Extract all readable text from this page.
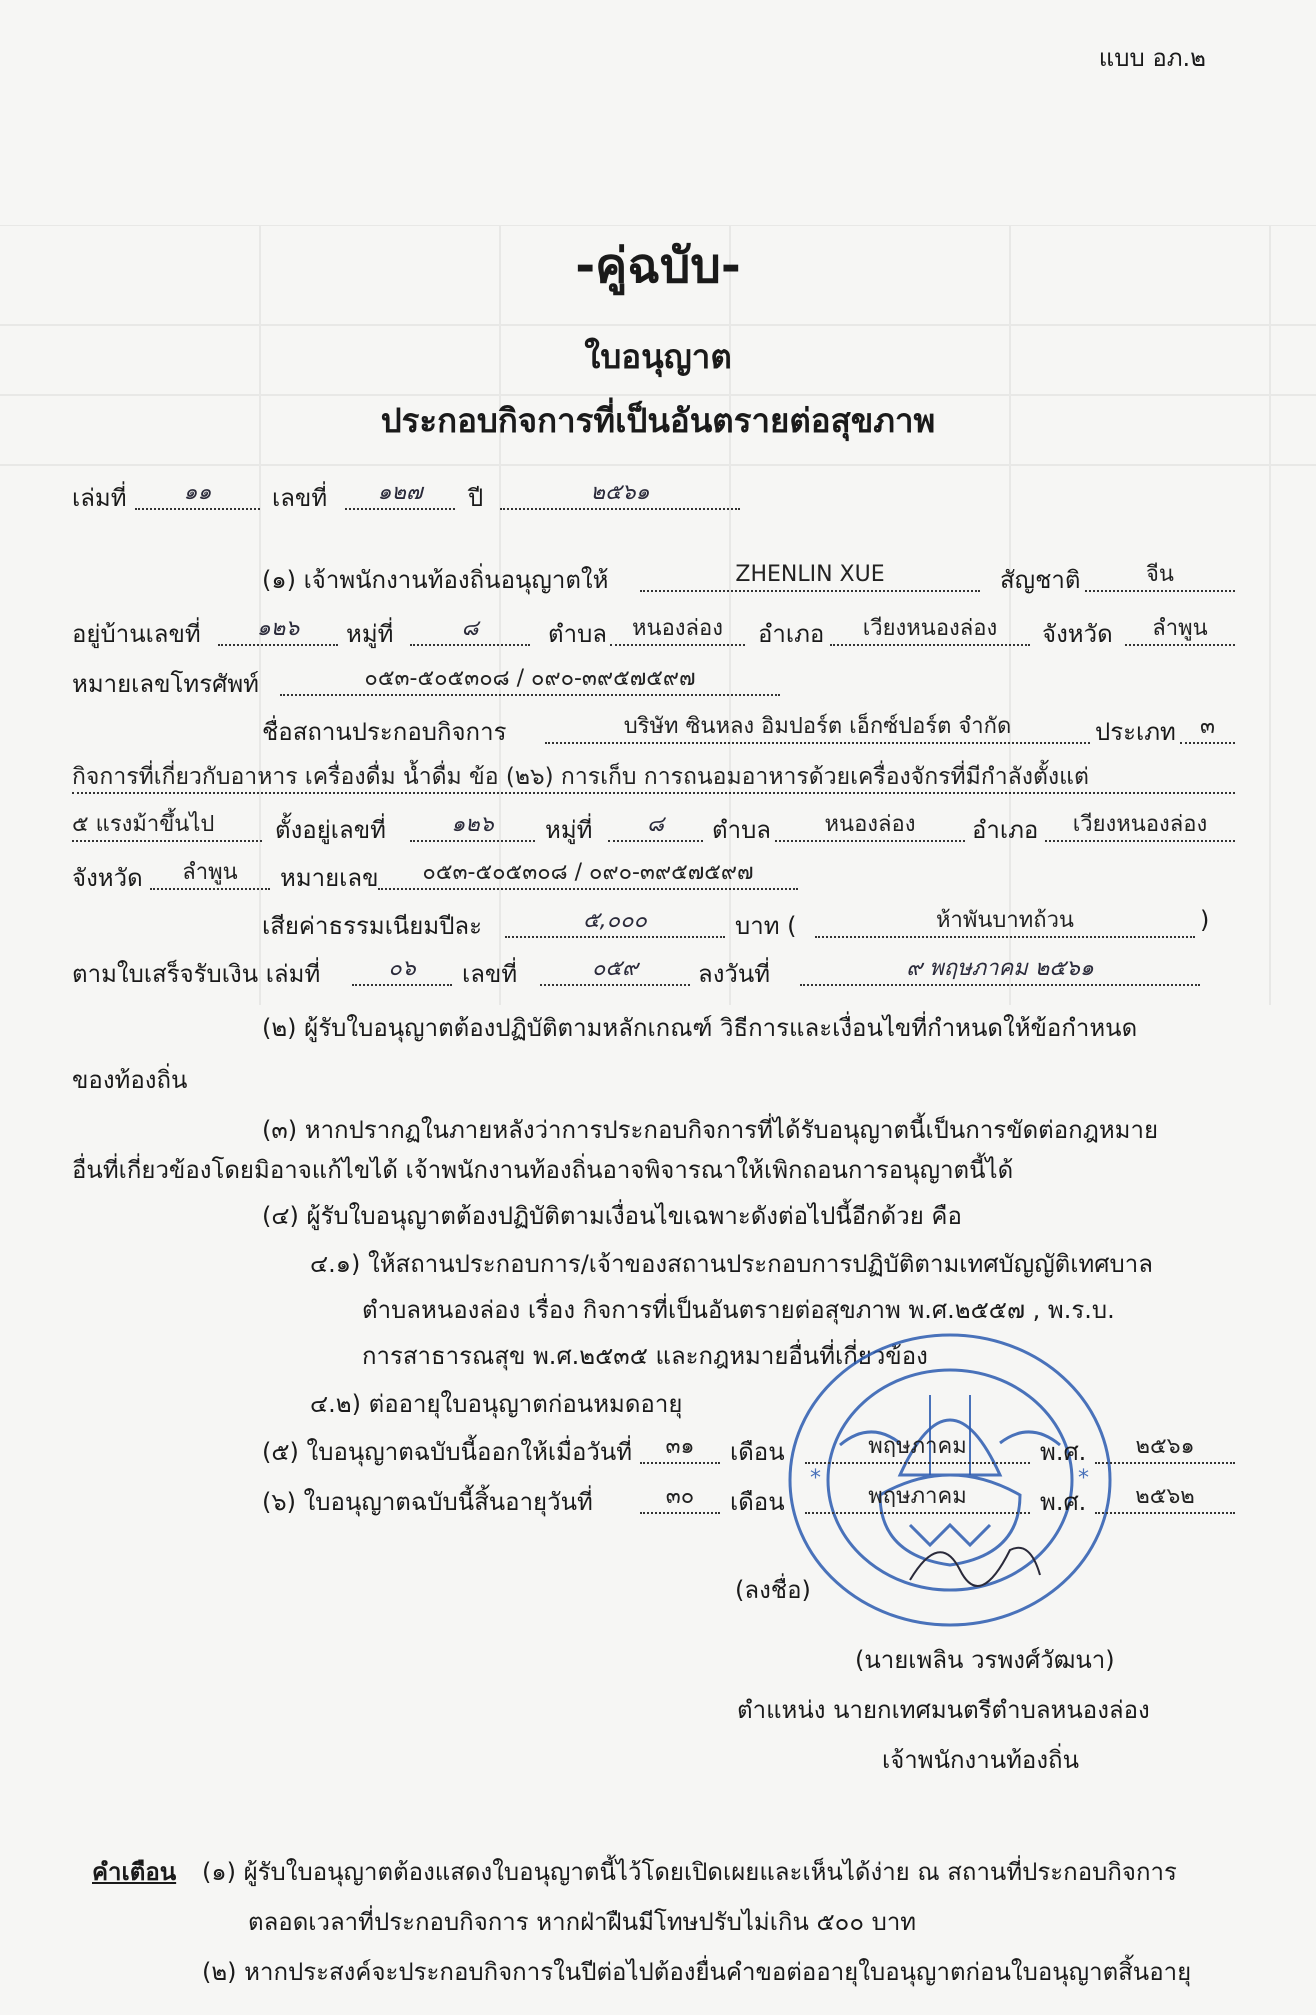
แบบ อภ.๒
-คู่ฉบับ-
ใบอนุญาต
ประกอบกิจการที่เป็นอันตรายต่อสุขภาพ
เล่มที่	๑๑	เลขที่	๑๒๗	ปี	๒๕๖๑
(๑) เจ้าพนักงานท้องถิ่นอนุญาตให้	ZHENLIN XUE	สัญชาติ	จีน
อยู่บ้านเลขที่	๑๒๖	หมู่ที่	๘	ตำบล	หนองล่อง	อำเภอ	เวียงหนองล่อง	จังหวัด	ลำพูน
หมายเลขโทรศัพท์	๐๕๓-๕๐๕๓๐๘ / ๐๙๐-๓๙๕๗๕๙๗
ชื่อสถานประกอบกิจการ	บริษัท ซินหลง อิมปอร์ต เอ็กซ์ปอร์ต จำกัด	ประเภท	๓
กิจการที่เกี่ยวกับอาหาร เครื่องดื่ม น้ำดื่ม ข้อ (๒๖) การเก็บ การถนอมอาหารด้วยเครื่องจักรที่มีกำลังตั้งแต่
๕ แรงม้าขึ้นไป	ตั้งอยู่เลขที่	๑๒๖	หมู่ที่	๘	ตำบล	หนองล่อง	อำเภอ	เวียงหนองล่อง
จังหวัด	ลำพูน	หมายเลข	๐๕๓-๕๐๕๓๐๘ / ๐๙๐-๓๙๕๗๕๙๗
เสียค่าธรรมเนียมปีละ	๕,๐๐๐	บาท (	ห้าพันบาทถ้วน	)
ตามใบเสร็จรับเงิน เล่มที่	๐๖	เลขที่	๐๕๙	ลงวันที่	๙ พฤษภาคม ๒๕๖๑
(๒) ผู้รับใบอนุญาตต้องปฏิบัติตามหลักเกณฑ์ วิธีการและเงื่อนไขที่กำหนดให้ข้อกำหนด
ของท้องถิ่น
(๓) หากปรากฏในภายหลังว่าการประกอบกิจการที่ได้รับอนุญาตนี้เป็นการขัดต่อกฎหมาย
อื่นที่เกี่ยวข้องโดยมิอาจแก้ไขได้ เจ้าพนักงานท้องถิ่นอาจพิจารณาให้เพิกถอนการอนุญาตนี้ได้
(๔) ผู้รับใบอนุญาตต้องปฏิบัติตามเงื่อนไขเฉพาะดังต่อไปนี้อีกด้วย คือ
๔.๑) ให้สถานประกอบการ/เจ้าของสถานประกอบการปฏิบัติตามเทศบัญญัติเทศบาล
ตำบลหนองล่อง เรื่อง กิจการที่เป็นอันตรายต่อสุขภาพ พ.ศ.๒๕๕๗ , พ.ร.บ.
การสาธารณสุข พ.ศ.๒๕๓๕ และกฎหมายอื่นที่เกี่ยวข้อง
๔.๒) ต่ออายุใบอนุญาตก่อนหมดอายุ
*	*
(๕) ใบอนุญาตฉบับนี้ออกให้เมื่อวันที่	๓๑	เดือน	พฤษภาคม	พ.ศ.	๒๕๖๑
(๖) ใบอนุญาตฉบับนี้สิ้นอายุวันที่	๓๐	เดือน	พฤษภาคม	พ.ศ.	๒๕๖๒
(ลงชื่อ)
(นายเพลิน วรพงศ์วัฒนา)
ตำแหน่ง นายกเทศมนตรีตำบลหนองล่อง
เจ้าพนักงานท้องถิ่น
คำเตือน (๑) ผู้รับใบอนุญาตต้องแสดงใบอนุญาตนี้ไว้โดยเปิดเผยและเห็นได้ง่าย ณ สถานที่ประกอบกิจการ
ตลอดเวลาที่ประกอบกิจการ หากฝ่าฝืนมีโทษปรับไม่เกิน ๕๐๐ บาท
(๒) หากประสงค์จะประกอบกิจการในปีต่อไปต้องยื่นคำขอต่ออายุใบอนุญาตก่อนใบอนุญาตสิ้นอายุ
